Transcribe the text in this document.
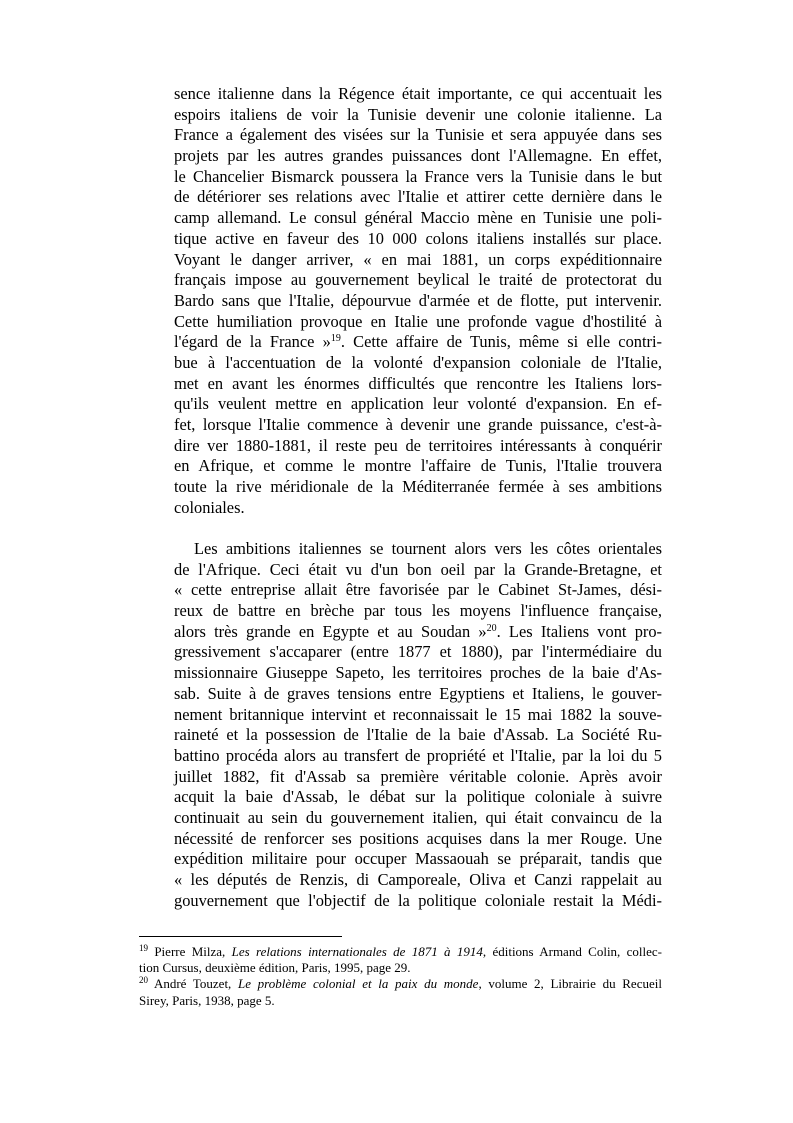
sence italienne dans la Régence était importante, ce qui accentuait les
espoirs italiens de voir la Tunisie devenir une colonie italienne. La
France a également des visées sur la Tunisie et sera appuyée dans ses
projets par les autres grandes puissances dont l'Allemagne. En effet,
le Chancelier Bismarck poussera la France vers la Tunisie dans le but
de détériorer ses relations avec l'Italie et attirer cette dernière dans le
camp allemand. Le consul général Maccio mène en Tunisie une poli-
tique active en faveur des 10 000 colons italiens installés sur place.
Voyant le danger arriver, « en mai 1881, un corps expéditionnaire
français impose au gouvernement beylical le traité de protectorat du
Bardo sans que l'Italie, dépourvue d'armée et de flotte, put intervenir.
Cette humiliation provoque en Italie une profonde vague d'hostilité à
l'égard de la France »$^{19}$. Cette affaire de Tunis, même si elle contri-
bue à l'accentuation de la volonté d'expansion coloniale de l'Italie,
met en avant les énormes difficultés que rencontre les Italiens lors-
qu'ils veulent mettre en application leur volonté d'expansion. En ef-
fet, lorsque l'Italie commence à devenir une grande puissance, c'est-à-
dire ver 1880-1881, il reste peu de territoires intéressants à conquérir
en Afrique, et comme le montre l'affaire de Tunis, l'Italie trouvera
toute la rive méridionale de la Méditerranée fermée à ses ambitions
coloniales.
Les ambitions italiennes se tournent alors vers les côtes orientales
de l'Afrique. Ceci était vu d'un bon oeil par la Grande-Bretagne, et
« cette entreprise allait être favorisée par le Cabinet St-James, dési-
reux de battre en brèche par tous les moyens l'influence française,
alors très grande en Egypte et au Soudan »$^{20}$. Les Italiens vont pro-
gressivement s'accaparer (entre 1877 et 1880), par l'intermédiaire du
missionnaire Giuseppe Sapeto, les territoires proches de la baie d'As-
sab. Suite à de graves tensions entre Egyptiens et Italiens, le gouver-
nement britannique intervint et reconnaissait le 15 mai 1882 la souve-
raineté et la possession de l'Italie de la baie d'Assab. La Société Ru-
battino procéda alors au transfert de propriété et l'Italie, par la loi du 5
juillet 1882, fit d'Assab sa première véritable colonie. Après avoir
acquit la baie d'Assab, le débat sur la politique coloniale à suivre
continuait au sein du gouvernement italien, qui était convaincu de la
nécessité de renforcer ses positions acquises dans la mer Rouge. Une
expédition militaire pour occuper Massaouah se préparait, tandis que
« les députés de Renzis, di Camporeale, Oliva et Canzi rappelait au
gouvernement que l'objectif de la politique coloniale restait la Médi-
$^{19}$ Pierre Milza, Les relations internationales de 1871 à 1914, éditions Armand Colin, collec-
tion Cursus, deuxième édition, Paris, 1995, page 29.
$^{20}$ André Touzet, Le problème colonial et la paix du monde, volume 2, Librairie du Recueil
Sirey, Paris, 1938, page 5.
